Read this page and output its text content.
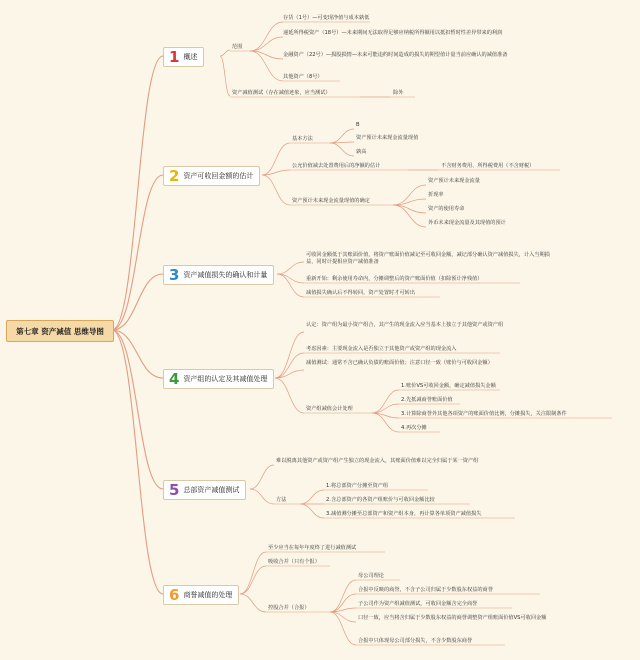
第七章 资产减值 思维导图
1 概述
范围
存货（1号）—可变现净值与成本孰低
递延所得税资产（18号）—未来期间无法取得足够应纳税所得额用以抵扣暂时性差异带来的利润
金融资产（22号）—损股损情—未来可能违约时间造成的损失的期望值计量当前应确认的减值准备
其他资产（8号）
资产减值测试（存在减值迹象，应当测试）	除外
2 资产可收回金额的估计
基本方法
B
资产预计未来现金流量现值
孰高
公允价值减去处置费用后的净额的估计	不含财务费用、所得税费用（不含财税）
资产预计未来现金流量现值的确定
资产预计未来现金流量
折现率
资产的使用寿命
外币未来现金流量及其现值的预计
3 资产减值损失的确认和计量
可收回金额低于其账面价值，将资产账面价值减记至可收回金额，减记部分确认资产减值损失，计入当期损益，同时计提相应资产减值准备
重新开始：剩余使用寿命内，分摊调整后的资产账面价值（扣除预计净残值）
减值损失确认后不得转回，资产处置时才可转出
4 资产组的认定及其减值处理
认定：资产组为最小资产组合，其产生的现金流入应当基本上独立于其他资产或资产组
考虑因素：主要现金流入是否独立于其他资产或资产组的现金流入
减值测试：通常不含已确认负债的账面价值；注意口径一致（账价与可收回金额）
资产组减值会计处理
1.账价VS可收回金额，确定减值损失金额
2.先抵减商誉账面价值
3.计算除商誉外其他各项资产的账面价值比例，分摊损失，关注限制条件
4.再次分摊
5 总部资产减值测试
难以脱离其他资产或资产组产生独立的现金流入，其账面价值难以完全归属于某一资产组
方法
1.将总部资产分摊至资产组
2.含总部资产的各资产组账价与可收回金额比较
3.减值测分摊至总部资产和资产组本身，再计算各单项资产减值损失
6 商誉减值的处理
至少应当在每年年度终了进行减值测试
吸收合并（只有个报）
控股合并（合报）
母公司理论
合报中反映的商誉，不含子公司归属于少数股东权益的商誉
子公司作为资产组减值测试，可收回金额含完全商誉
口径一致，应当将含归属于少数股东权益的商誉调整资产组账面价值VS可收回金额
合报中只体现母公司部分损失，不含少数股东商誉
